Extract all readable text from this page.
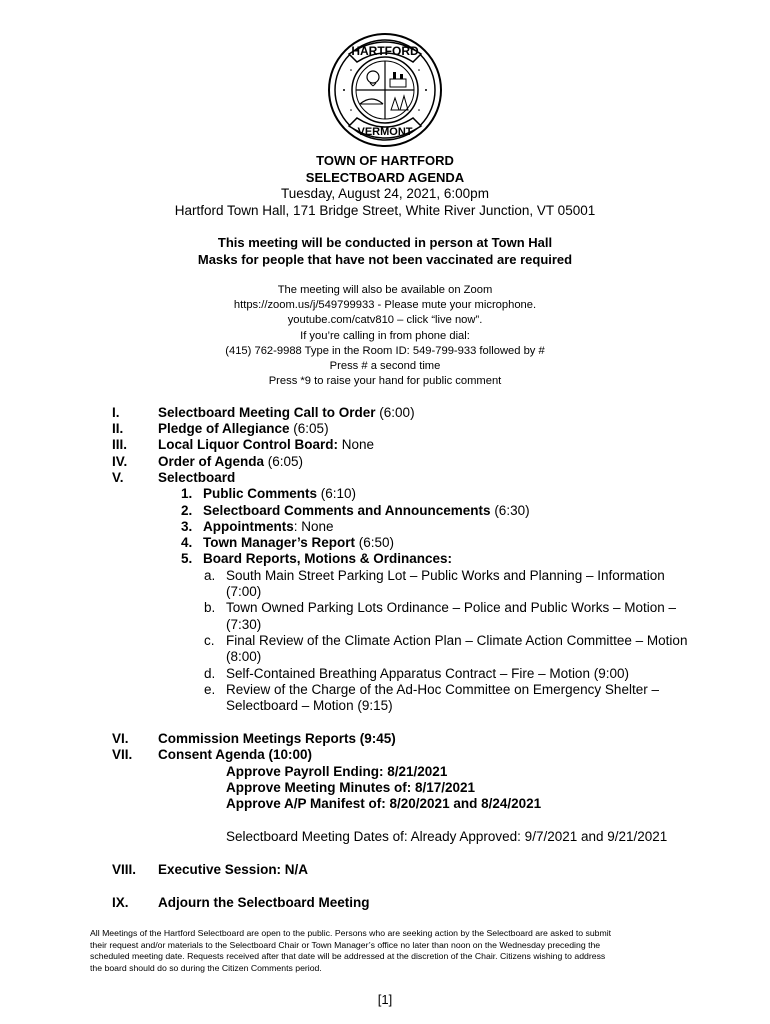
HARTFORD
VERMONT
TOWN OF HARTFORD
SELECTBOARD AGENDA
Tuesday, August 24, 2021, 6:00pm
Hartford Town Hall, 171 Bridge Street, White River Junction, VT 05001
This meeting will be conducted in person at Town Hall
Masks for people that have not been vaccinated are required
The meeting will also be available on Zoom
https://zoom.us/j/549799933 - Please mute your microphone.
youtube.com/catv810 – click “live now”.
If you’re calling in from phone dial:
(415) 762-9988 Type in the Room ID: 549-799-933 followed by #
Press # a second time
Press *9 to raise your hand for public comment
I.	Selectboard Meeting Call to Order (6:00)
II.	Pledge of Allegiance (6:05)
III. Local Liquor Control Board: None
IV. Order of Agenda (6:05)
V.	Selectboard
1. Public Comments (6:10)
2. Selectboard Comments and Announcements (6:30)
3. Appointments: None
4. Town Manager’s Report (6:50)
5. Board Reports, Motions & Ordinances:
a. South Main Street Parking Lot – Public Works and Planning – Information
(7:00)
b. Town Owned Parking Lots Ordinance – Police and Public Works – Motion –
(7:30)
c. Final Review of the Climate Action Plan – Climate Action Committee – Motion
(8:00)
d. Self-Contained Breathing Apparatus Contract – Fire – Motion (9:00)
e. Review of the Charge of the Ad-Hoc Committee on Emergency Shelter –
Selectboard – Motion (9:15)
VI. Commission Meetings Reports (9:45)
VII. Consent Agenda (10:00)
Approve Payroll Ending: 8/21/2021
Approve Meeting Minutes of: 8/17/2021
Approve A/P Manifest of: 8/20/2021 and 8/24/2021
Selectboard Meeting Dates of: Already Approved: 9/7/2021 and 9/21/2021
VIII. Executive Session: N/A
IX. Adjourn the Selectboard Meeting
All Meetings of the Hartford Selectboard are open to the public. Persons who are seeking action by the Selectboard are asked to submit
their request and/or materials to the Selectboard Chair or Town Manager’s office no later than noon on the Wednesday preceding the
scheduled meeting date. Requests received after that date will be addressed at the discretion of the Chair. Citizens wishing to address
the board should do so during the Citizen Comments period.
[1]
